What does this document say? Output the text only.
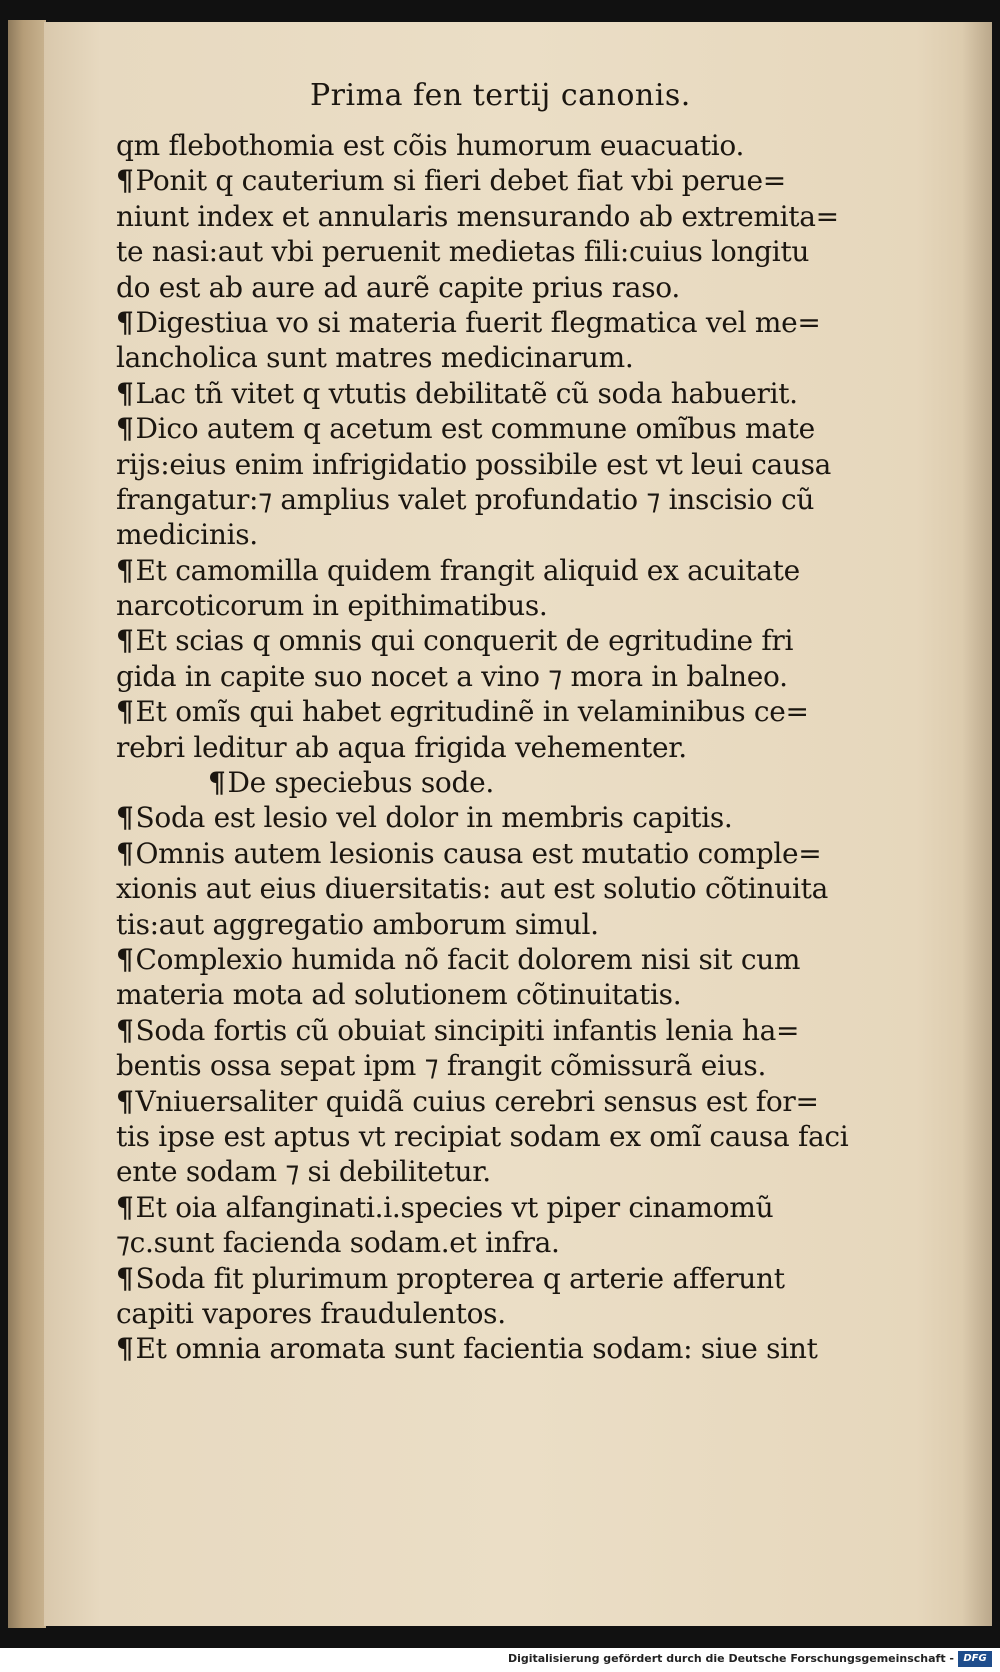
Prima fen tertij canonis.
qm flebothomia est cõis humorum euacuatio.
¶Ponit q cauterium si fieri debet fiat vbi perue=
niunt index et annularis mensurando ab extremita=
te nasi:aut vbi peruenit medietas fili:cuius longitu
do est ab aure ad aurẽ capite prius raso.
¶Digestiua vo si materia fuerit flegmatica vel me=
lancholica sunt matres medicinarum.
¶Lac tñ vitet q vtutis debilitatẽ cũ soda habuerit.
¶Dico autem q acetum est commune omĩbus mate
rijs:eius enim infrigidatio possibile est vt leui causa
frangatur:⁊ amplius valet profundatio ⁊ inscisio cũ
medicinis.
¶Et camomilla quidem frangit aliquid ex acuitate
narcoticorum in epithimatibus.
¶Et scias q omnis qui conquerit de egritudine fri
gida in capite suo nocet a vino ⁊ mora in balneo.
¶Et omĩs qui habet egritudinẽ in velaminibus ce=
rebri leditur ab aqua frigida vehementer.
¶De speciebus sode.
¶Soda est lesio vel dolor in membris capitis.
¶Omnis autem lesionis causa est mutatio comple=
xionis aut eius diuersitatis: aut est solutio cõtinuita
tis:aut aggregatio amborum simul.
¶Complexio humida nõ facit dolorem nisi sit cum
materia mota ad solutionem cõtinuitatis.
¶Soda fortis cũ obuiat sincipiti infantis lenia ha=
bentis ossa sepat ipm ⁊ frangit cõmissurã eius.
¶Vniuersaliter quidã cuius cerebri sensus est for=
tis ipse est aptus vt recipiat sodam ex omĩ causa faci
ente sodam ⁊ si debilitetur.
¶Et oia alfanginati.i.species vt piper cinamomũ
⁊c.sunt facienda sodam.et infra.
¶Soda fit plurimum propterea q arterie afferunt
capiti vapores fraudulentos.
¶Et omnia aromata sunt facientia sodam: siue sint
Digitalisierung gefördert durch die Deutsche Forschungsgemeinschaft - DFG
